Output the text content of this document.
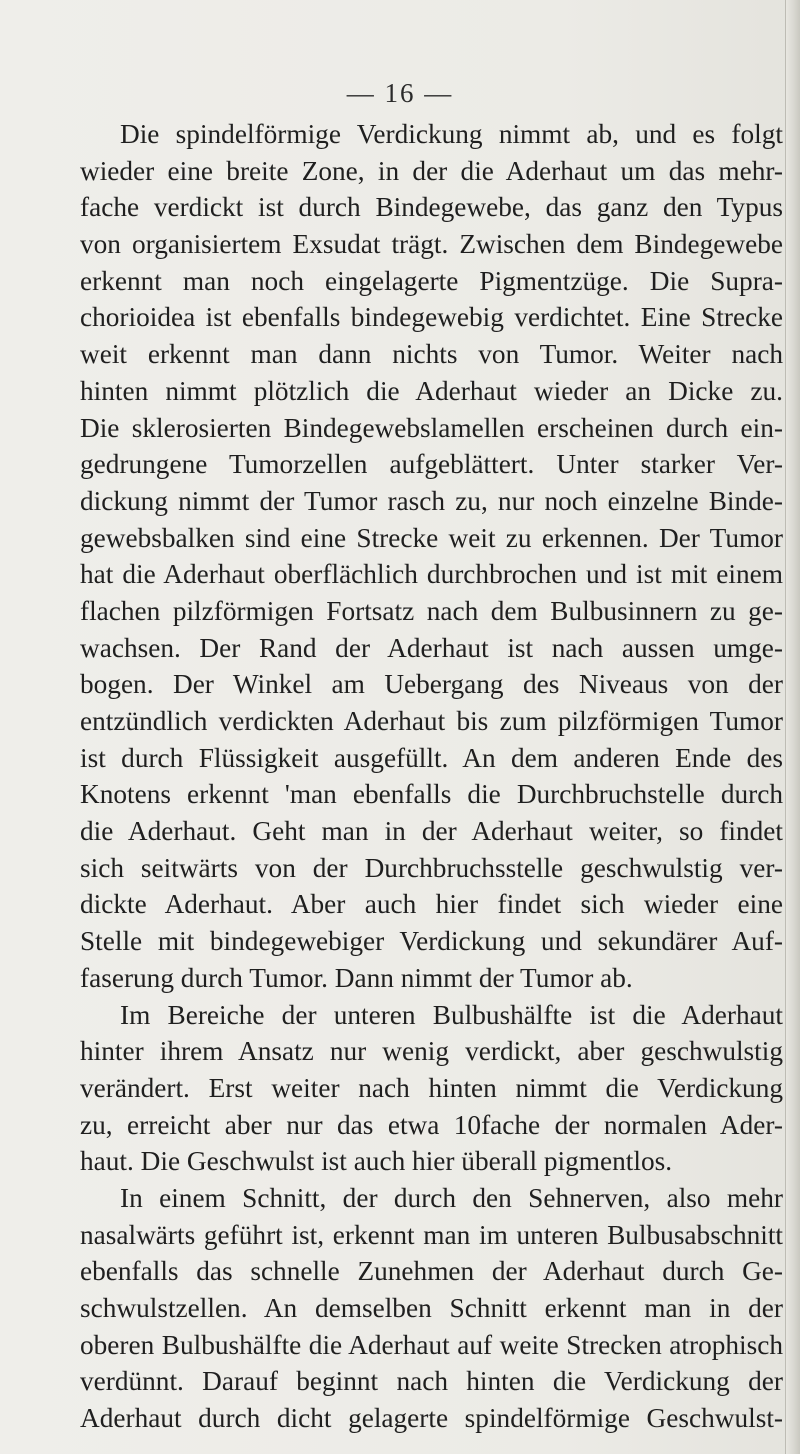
— 16 —
Die spindelförmige Verdickung nimmt ab, und es folgt
wieder eine breite Zone, in der die Aderhaut um das mehr-
fache verdickt ist durch Bindegewebe, das ganz den Typus
von organisiertem Exsudat trägt. Zwischen dem Bindegewebe
erkennt man noch eingelagerte Pigmentzüge. Die Supra-
chorioidea ist ebenfalls bindegewebig verdichtet. Eine Strecke
weit erkennt man dann nichts von Tumor. Weiter nach
hinten nimmt plötzlich die Aderhaut wieder an Dicke zu.
Die sklerosierten Bindegewebslamellen erscheinen durch ein-
gedrungene Tumorzellen aufgeblättert. Unter starker Ver-
dickung nimmt der Tumor rasch zu, nur noch einzelne Binde-
gewebsbalken sind eine Strecke weit zu erkennen. Der Tumor
hat die Aderhaut oberflächlich durchbrochen und ist mit einem
flachen pilzförmigen Fortsatz nach dem Bulbusinnern zu ge-
wachsen. Der Rand der Aderhaut ist nach aussen umge-
bogen. Der Winkel am Uebergang des Niveaus von der
entzündlich verdickten Aderhaut bis zum pilzförmigen Tumor
ist durch Flüssigkeit ausgefüllt. An dem anderen Ende des
Knotens erkennt 'man ebenfalls die Durchbruchstelle durch
die Aderhaut. Geht man in der Aderhaut weiter, so findet
sich seitwärts von der Durchbruchsstelle geschwulstig ver-
dickte Aderhaut. Aber auch hier findet sich wieder eine
Stelle mit bindegewebiger Verdickung und sekundärer Auf-
faserung durch Tumor. Dann nimmt der Tumor ab.
Im Bereiche der unteren Bulbushälfte ist die Aderhaut
hinter ihrem Ansatz nur wenig verdickt, aber geschwulstig
verändert. Erst weiter nach hinten nimmt die Verdickung
zu, erreicht aber nur das etwa 10fache der normalen Ader-
haut. Die Geschwulst ist auch hier überall pigmentlos.
In einem Schnitt, der durch den Sehnerven, also mehr
nasalwärts geführt ist, erkennt man im unteren Bulbusabschnitt
ebenfalls das schnelle Zunehmen der Aderhaut durch Ge-
schwulstzellen. An demselben Schnitt erkennt man in der
oberen Bulbushälfte die Aderhaut auf weite Strecken atrophisch
verdünnt. Darauf beginnt nach hinten die Verdickung der
Aderhaut durch dicht gelagerte spindelförmige Geschwulst-
